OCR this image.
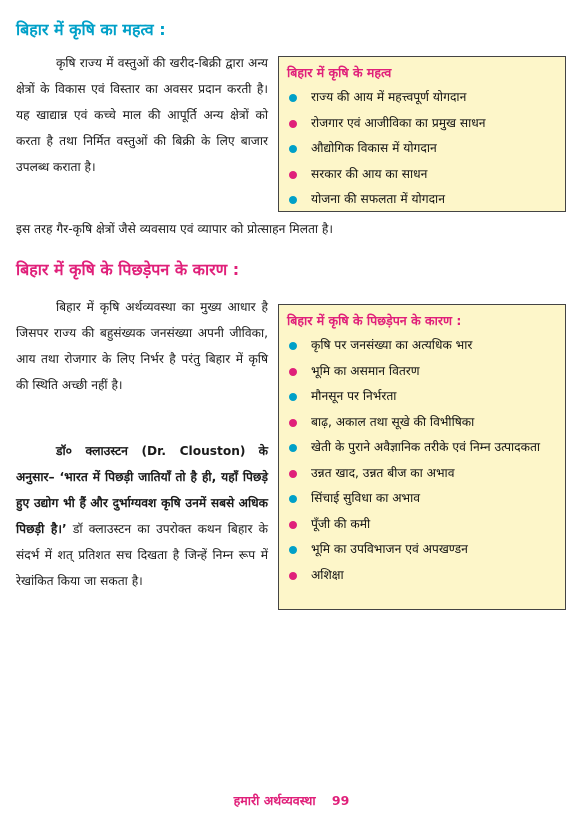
बिहार में कृषि का महत्व :

कृषि राज्य में वस्तुओं की खरीद-बिक्री द्वारा अन्य क्षेत्रों के विकास एवं विस्तार का अवसर प्रदान करती है। यह खाद्यान्न एवं कच्चे माल की आपूर्ति अन्य क्षेत्रों को करता है तथा निर्मित वस्तुओं की बिक्री के लिए बाजार उपलब्ध कराता है।

इस तरह गैर-कृषि क्षेत्रों जैसे व्यवसाय एवं व्यापार को प्रोत्साहन मिलता है।

बिहार में कृषि के महत्व
राज्य की आय में महत्त्वपूर्ण योगदान
रोजगार एवं आजीविका का प्रमुख साधन
औद्योगिक विकास में योगदान
सरकार की आय का साधन
योजना की सफलता में योगदान
बिहार में कृषि के पिछड़ेपन के कारण :

बिहार में कृषि अर्थव्यवस्था का मुख्य आधार है जिसपर राज्य की बहुसंख्यक जनसंख्या अपनी जीविका, आय तथा रोजगार के लिए निर्भर है परंतु बिहार में कृषि की स्थिति अच्छी नहीं है।

डॉ० क्लाउस्टन (Dr. Clouston) के अनुसार– ‘भारत में पिछड़ी जातियाँ तो है ही, यहाँ पिछड़े हुए उद्योग भी हैं और दुर्भाग्यवश कृषि उनमें सबसे अधिक पिछड़ी है।’ डॉ क्लाउस्टन का उपरोक्त कथन बिहार के संदर्भ में शत् प्रतिशत सच दिखता है जिन्हें निम्न रूप में रेखांकित किया जा सकता है।

बिहार में कृषि के पिछड़ेपन के कारण :
कृषि पर जनसंख्या का अत्यधिक भार
भूमि का असमान वितरण
मौनसून पर निर्भरता
बाढ़, अकाल तथा सूखे की विभीषिका
खेती के पुराने अवैज्ञानिक तरीके एवं निम्न उत्पादकता
उन्नत खाद, उन्नत बीज का अभाव
सिंचाई सुविधा का अभाव
पूँजी की कमी
भूमि का उपविभाजन एवं अपखण्डन
अशिक्षा
हमारी अर्थव्यवस्था 99
